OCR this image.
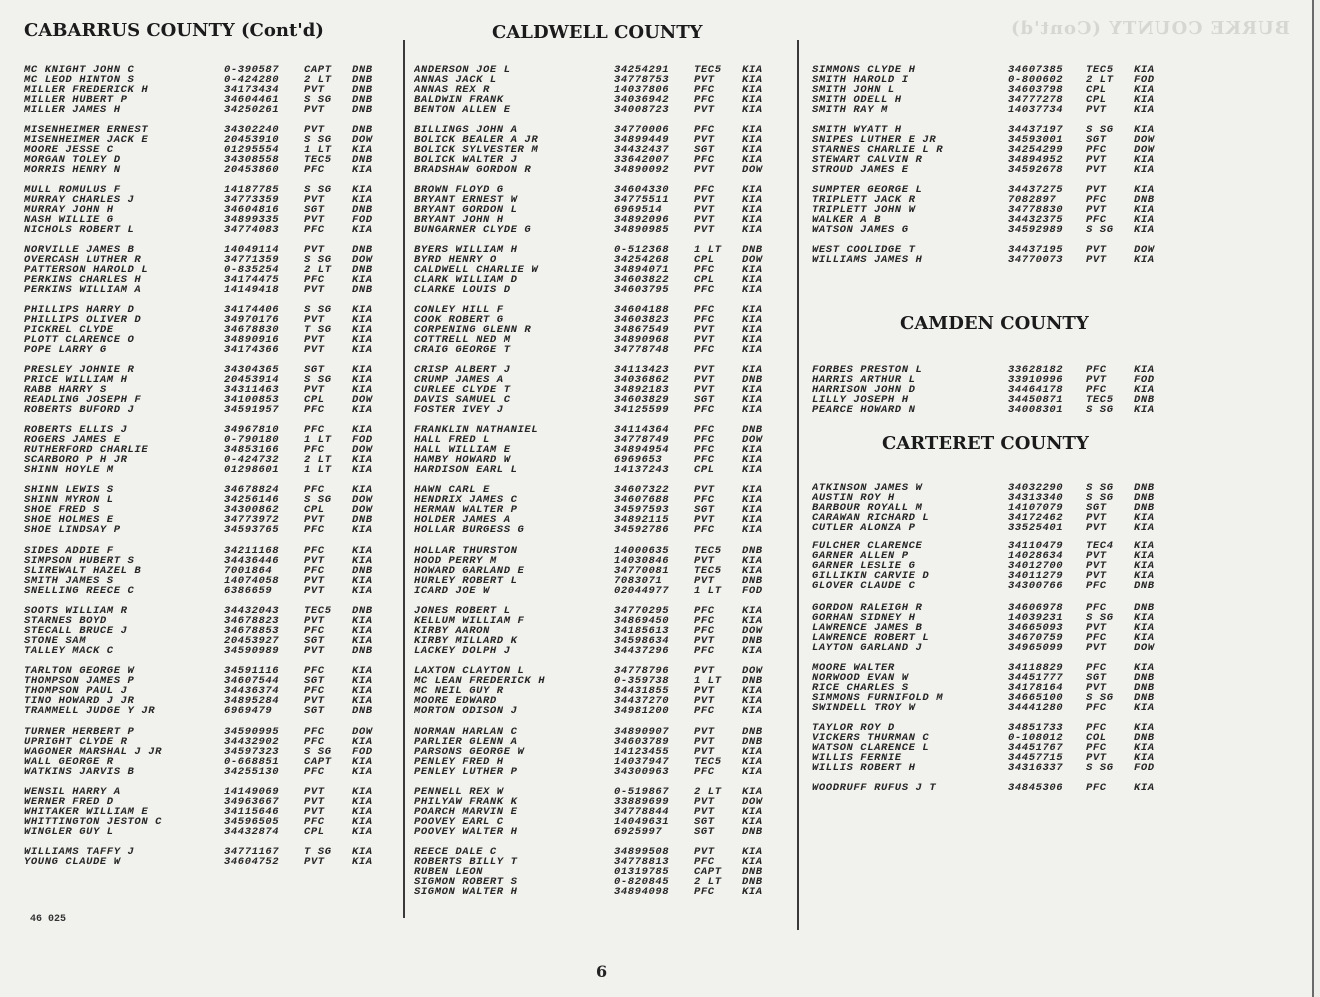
BURKE COUNTY (Cont'd)
CABARRUS COUNTY (Cont'd)
MC KNIGHT JOHN C	0-390587	CAPT	DNB
MC LEOD HINTON S	0-424280	2 LT	DNB
MILLER FREDERICK H	34173434	PVT	DNB
MILLER HUBERT P	34604461	S SG	DNB
MILLER JAMES H	34250261	PVT	DNB
MISENHEIMER ERNEST	34302240	PVT	DNB
MISENHEIMER JACK E	20453910	S SG	DOW
MOORE JESSE C	01295554	1 LT	KIA
MORGAN TOLEY D	34308558	TEC5	DNB
MORRIS HENRY N	20453860	PFC	KIA
MULL ROMULUS F	14187785	S SG	KIA
MURRAY CHARLES J	34773359	PVT	KIA
MURRAY JOHN H	34604816	SGT	DNB
NASH WILLIE G	34899335	PVT	FOD
NICHOLS ROBERT L	34774083	PFC	KIA
NORVILLE JAMES B	14049114	PVT	DNB
OVERCASH LUTHER R	34771359	S SG	DOW
PATTERSON HAROLD L	0-835254	2 LT	DNB
PERKINS CHARLES H	34174475	PFC	KIA
PERKINS WILLIAM A	14149418	PVT	DNB
PHILLIPS HARRY D	34174406	S SG	KIA
PHILLIPS OLIVER D	34970176	PVT	KIA
PICKREL CLYDE	34678830	T SG	KIA
PLOTT CLARENCE O	34890916	PVT	KIA
POPE LARRY G	34174366	PVT	KIA
PRESLEY JOHNIE R	34304365	SGT	KIA
PRICE WILLIAM H	20453914	S SG	KIA
RABB HARRY S	34311463	PVT	KIA
READLING JOSEPH F	34100853	CPL	DOW
ROBERTS BUFORD J	34591957	PFC	KIA
ROBERTS ELLIS J	34967810	PFC	KIA
ROGERS JAMES E	0-790180	1 LT	FOD
RUTHERFORD CHARLIE	34853166	PFC	DOW
SCARBORO P H JR	0-424732	2 LT	KIA
SHINN HOYLE M	01298601	1 LT	KIA
SHINN LEWIS S	34678824	PFC	KIA
SHINN MYRON L	34256146	S SG	DOW
SHOE FRED S	34300862	CPL	DOW
SHOE HOLMES E	34773972	PVT	DNB
SHOE LINDSAY P	34593765	PFC	KIA
SIDES ADDIE F	34211168	PFC	KIA
SIMPSON HUBERT S	34436446	PVT	KIA
SLIREWALT HAZEL B	7001864	PFC	DNB
SMITH JAMES S	14074058	PVT	KIA
SNELLING REECE C	6386659	PVT	KIA
SOOTS WILLIAM R	34432043	TEC5	DNB
STARNES BOYD	34678823	PVT	KIA
STECALL BRUCE J	34678853	PFC	KIA
STONE SAM	20453927	SGT	KIA
TALLEY MACK C	34590989	PVT	DNB
TARLTON GEORGE W	34591116	PFC	KIA
THOMPSON JAMES P	34607544	SGT	KIA
THOMPSON PAUL J	34436374	PFC	KIA
TINO HOWARD J JR	34895284	PVT	KIA
TRAMMELL JUDGE Y JR	6969479	SGT	DNB
TURNER HERBERT P	34590995	PFC	DOW
UPRIGHT CLYDE R	34432902	PFC	KIA
WAGONER MARSHAL J JR	34597323	S SG	FOD
WALL GEORGE R	0-668851	CAPT	KIA
WATKINS JARVIS B	34255130	PFC	KIA
WENSIL HARRY A	14149069	PVT	KIA
WERNER FRED D	34963667	PVT	KIA
WHITAKER WILLIAM E	34115646	PVT	KIA
WHITTINGTON JESTON C	34596505	PFC	KIA
WINGLER GUY L	34432874	CPL	KIA
WILLIAMS TAFFY J	34771167	T SG	KIA
YOUNG CLAUDE W	34604752	PVT	KIA
CALDWELL COUNTY
ANDERSON JOE L	34254291	TEC5	KIA
ANNAS JACK L	34778753	PVT	KIA
ANNAS REX R	14037806	PFC	KIA
BALDWIN FRANK	34036942	PFC	KIA
BENTON ALLEN E	34008723	PVT	KIA
BILLINGS JOHN A	34770006	PFC	KIA
BOLICK BEALER A JR	34899449	PVT	KIA
BOLICK SYLVESTER M	34432437	SGT	KIA
BOLICK WALTER J	33642007	PFC	KIA
BRADSHAW GORDON R	34890092	PVT	DOW
BROWN FLOYD G	34604330	PFC	KIA
BRYANT ERNEST W	34775511	PVT	KIA
BRYANT GORDON L	6969514	PVT	KIA
BRYANT JOHN H	34892096	PVT	KIA
BUNGARNER CLYDE G	34890985	PVT	KIA
BYERS WILLIAM H	0-512368	1 LT	DNB
BYRD HENRY O	34254268	CPL	DOW
CALDWELL CHARLIE W	34894071	PFC	KIA
CLARK WILLIAM D	34603822	CPL	KIA
CLARKE LOUIS D	34603795	PFC	KIA
CONLEY HILL F	34604188	PFC	KIA
COOK ROBERT G	34603823	PFC	KIA
CORPENING GLENN R	34867549	PVT	KIA
COTTRELL NED M	34890968	PVT	KIA
CRAIG GEORGE T	34778748	PFC	KIA
CRISP ALBERT J	34113423	PVT	KIA
CRUMP JAMES A	34036862	PVT	DNB
CURLEE CLYDE T	34892183	PVT	KIA
DAVIS SAMUEL C	34603829	SGT	KIA
FOSTER IVEY J	34125599	PFC	KIA
FRANKLIN NATHANIEL	34114364	PFC	DNB
HALL FRED L	34778749	PFC	DOW
HALL WILLIAM E	34894954	PFC	KIA
HAMBY HOWARD W	6969653	PFC	KIA
HARDISON EARL L	14137243	CPL	KIA
HAWN CARL E	34607322	PVT	KIA
HENDRIX JAMES C	34607688	PFC	KIA
HERMAN WALTER P	34597593	SGT	KIA
HOLDER JAMES A	34892115	PVT	KIA
HOLLAR BURGESS G	34592786	PFC	KIA
HOLLAR THURSTON	14000635	TEC5	DNB
HOOD PERRY M	14030846	PVT	KIA
HOWARD GARLAND E	34770081	TEC5	KIA
HURLEY ROBERT L	7083071	PVT	DNB
ICARD JOE W	02044977	1 LT	FOD
JONES ROBERT L	34770295	PFC	KIA
KELLUM WILLIAM F	34869450	PFC	KIA
KIRBY AARON	34185613	PFC	DOW
KIRBY MILLARD K	34598634	PVT	DNB
LACKEY DOLPH J	34437296	PFC	KIA
LAXTON CLAYTON L	34778796	PVT	DOW
MC LEAN FREDERICK H	0-359738	1 LT	DNB
MC NEIL GUY R	34431855	PVT	KIA
MOORE EDWARD	34437270	PVT	KIA
MORTON ODISON J	34981200	PFC	KIA
NORMAN HARLAN C	34890907	PVT	DNB
PARLIER GLENN A	34603789	PVT	DNB
PARSONS GEORGE W	14123455	PVT	KIA
PENLEY FRED H	14037947	TEC5	KIA
PENLEY LUTHER P	34300963	PFC	KIA
PENNELL REX W	0-519867	2 LT	KIA
PHILYAW FRANK K	33889699	PVT	DOW
POARCH MARVIN E	34778844	PVT	KIA
POOVEY EARL C	14049631	SGT	KIA
POOVEY WALTER H	6925997	SGT	DNB
REECE DALE C	34899508	PVT	KIA
ROBERTS BILLY T	34778813	PFC	KIA
RUBEN LEON	01319785	CAPT	DNB
SIGMON ROBERT S	0-820845	2 LT	DNB
SIGMON WALTER H	34894098	PFC	KIA
SIMMONS CLYDE H	34607385	TEC5	KIA
SMITH HAROLD I	0-800602	2 LT	FOD
SMITH JOHN L	34603798	CPL	KIA
SMITH ODELL H	34777278	CPL	KIA
SMITH RAY M	14037734	PVT	KIA
SMITH WYATT H	34437197	S SG	KIA
SNIPES LUTHER E JR	34593001	SGT	DOW
STARNES CHARLIE L R	34254299	PFC	DOW
STEWART CALVIN R	34894952	PVT	KIA
STROUD JAMES E	34592678	PVT	KIA
SUMPTER GEORGE L	34437275	PVT	KIA
TRIPLETT JACK R	7082897	PFC	DNB
TRIPLETT JOHN W	34778830	PVT	KIA
WALKER A B	34432375	PFC	KIA
WATSON JAMES G	34592989	S SG	KIA
WEST COOLIDGE T	34437195	PVT	DOW
WILLIAMS JAMES H	34770073	PVT	KIA
CAMDEN COUNTY
FORBES PRESTON L	33628182	PFC	KIA
HARRIS ARTHUR L	33910996	PVT	FOD
HARRISON JOHN D	34464178	PFC	KIA
LILLY JOSEPH H	34450871	TEC5	DNB
PEARCE HOWARD N	34008301	S SG	KIA
CARTERET COUNTY
ATKINSON JAMES W	34032290	S SG	DNB
AUSTIN ROY H	34313340	S SG	DNB
BARBOUR ROYALL M	14107079	SGT	DNB
CARAWAN RICHARD L	34172462	PVT	KIA
CUTLER ALONZA P	33525401	PVT	KIA
FULCHER CLARENCE	34110479	TEC4	KIA
GARNER ALLEN P	14028634	PVT	KIA
GARNER LESLIE G	34012700	PVT	KIA
GILLIKIN CARVIE D	34011279	PVT	KIA
GLOVER CLAUDE C	34300766	PFC	DNB
GORDON RALEIGH R	34606978	PFC	DNB
GORHAN SIDNEY H	14039231	S SG	KIA
LAWRENCE JAMES B	34665093	PVT	KIA
LAWRENCE ROBERT L	34670759	PFC	KIA
LAYTON GARLAND J	34965099	PVT	DOW
MOORE WALTER	34118829	PFC	KIA
NORWOOD EVAN W	34451777	SGT	DNB
RICE CHARLES S	34178164	PVT	DNB
SIMMONS FURNIFOLD M	34665100	S SG	DNB
SWINDELL TROY W	34441280	PFC	KIA
TAYLOR ROY D	34851733	PFC	KIA
VICKERS THURMAN C	0-108012	COL	DNB
WATSON CLARENCE L	34451767	PFC	KIA
WILLIS FERNIE	34457715	PVT	KIA
WILLIS ROBERT H	34316337	S SG	FOD
WOODRUFF RUFUS J T	34845306	PFC	KIA
46 025
6
